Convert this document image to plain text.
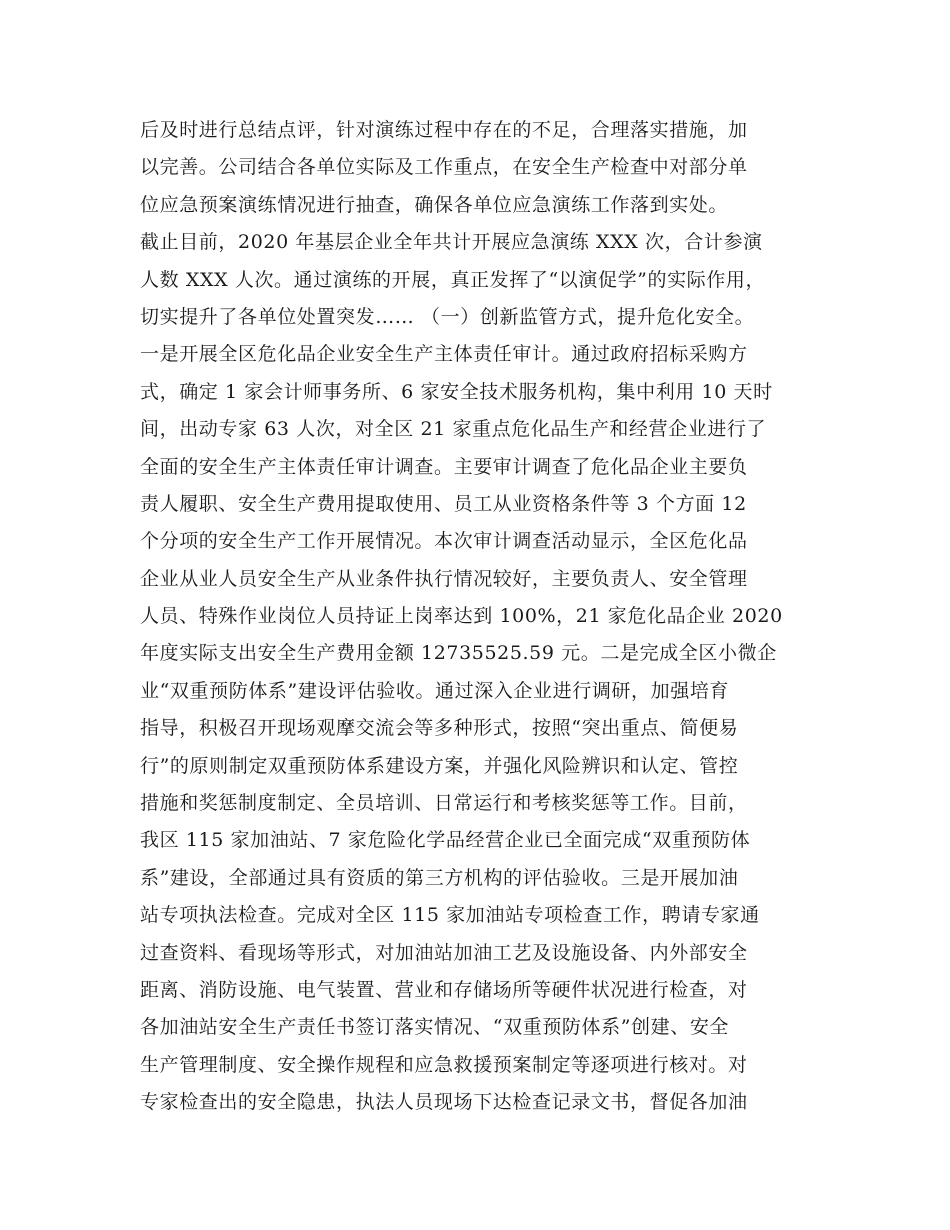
后及时进行总结点评，针对演练过程中存在的不足，合理落实措施，加
以完善。公司结合各单位实际及工作重点，在安全生产检查中对部分单
位应急预案演练情况进行抽查，确保各单位应急演练工作落到实处。
截止目前，2020 年基层企业全年共计开展应急演练 XXX 次，合计参演
人数 XXX 人次。通过演练的开展，真正发挥了“以演促学”的实际作用，
切实提升了各单位处置突发…… （一）创新监管方式，提升危化安全。
一是开展全区危化品企业安全生产主体责任审计。通过政府招标采购方
式，确定 1 家会计师事务所、6 家安全技术服务机构，集中利用 10 天时
间，出动专家 63 人次，对全区 21 家重点危化品生产和经营企业进行了
全面的安全生产主体责任审计调查。主要审计调查了危化品企业主要负
责人履职、安全生产费用提取使用、员工从业资格条件等 3 个方面 12
个分项的安全生产工作开展情况。本次审计调查活动显示，全区危化品
企业从业人员安全生产从业条件执行情况较好，主要负责人、安全管理
人员、特殊作业岗位人员持证上岗率达到 100%，21 家危化品企业 2020
年度实际支出安全生产费用金额 12735525.59 元。二是完成全区小微企
业“双重预防体系”建设评估验收。通过深入企业进行调研，加强培育
指导，积极召开现场观摩交流会等多种形式，按照“突出重点、简便易
行”的原则制定双重预防体系建设方案，并强化风险辨识和认定、管控
措施和奖惩制度制定、全员培训、日常运行和考核奖惩等工作。目前，
我区 115 家加油站、7 家危险化学品经营企业已全面完成“双重预防体
系”建设，全部通过具有资质的第三方机构的评估验收。三是开展加油
站专项执法检查。完成对全区 115 家加油站专项检查工作，聘请专家通
过查资料、看现场等形式，对加油站加油工艺及设施设备、内外部安全
距离、消防设施、电气装置、营业和存储场所等硬件状况进行检查，对
各加油站安全生产责任书签订落实情况、“双重预防体系”创建、安全
生产管理制度、安全操作规程和应急救援预案制定等逐项进行核对。对
专家检查出的安全隐患，执法人员现场下达检查记录文书，督促各加油
